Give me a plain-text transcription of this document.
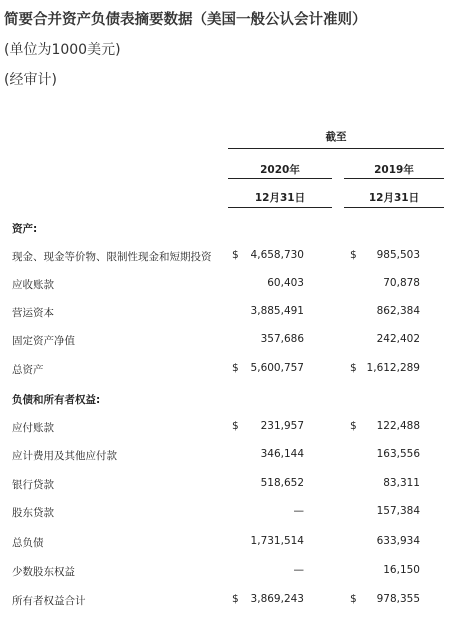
简要合并资产负债表摘要数据（美国一般公认会计准则）
(单位为1000美元)
(经审计)
截至
2020年	2019年
12月31日	12月31日
资产:
现金、现金等价物、限制性现金和短期投资 $	4,658,730	$	985,503
应收账款	60,403	70,878
营运资本	3,885,491	862,384
固定资产净值	357,686	242,402
总资产	$	5,600,757	$ 1,612,289
负债和所有者权益:
应付账款	$	231,957	$	122,488
应计费用及其他应付款	346,144	163,556
银行贷款	518,652	83,311
股东贷款	—	157,384
总负债	1,731,514	633,934
少数股东权益	—	16,150
所有者权益合计	$	3,869,243	$	978,355
